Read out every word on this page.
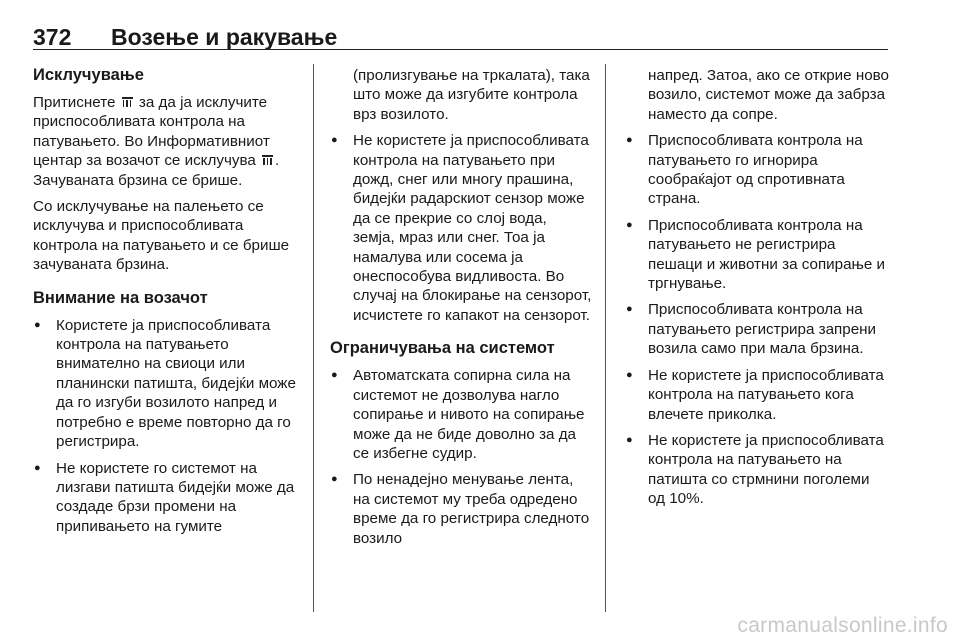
372 Возење и ракување
Исклучување

Притиснете
за да ја исклучите приспособливата контрола на патувањето. Во Информативниот центар за возачот се исклучува . Зачуваната брзина се брише.

Со исклучување на палењето се исклучува и приспособливата контрола на патувањето и се брише зачуваната брзина.

Внимание на возачот
● Користете ја приспособливата контрола на патувањето внимателно на свиоци или планински патишта, бидејќи може да го изгуби возилото напред и потребно е време повторно да го регистрира.
● Не користете го системот на лизгави патишта бидејќи може да создаде брзи промени на припивањето на гумите
(пролизгување на тркалата), така што може да изгубите контрола врз возилото.
● Не користете ја приспособливата контрола на патувањето при дожд, снег или многу прашина, бидејќи радарскиот сензор може да се прекрие со слој вода, земја, мраз или снег. Тоа ја намалува или сосема ја онеспособува видливоста. Во случај на блокирање на сензорот, исчистете го капакот на сензорот.
Ограничувања на системот
● Автоматската сопирна сила на системот не дозволува нагло сопирање и нивото на сопирање може да не биде доволно за да се избегне судир.
● По ненадејно менување лента, на системот му треба одредено време да го регистрира следното возило
напред. Затоа, ако се открие ново возило, системот може да забрза наместо да сопре.
● Приспособливата контрола на патувањето го игнорира сообраќајот од спротивната страна.
● Приспособливата контрола на патувањето не регистрира пешаци и животни за сопирање и тргнување.
● Приспособливата контрола на патувањето регистрира запрени возила само при мала брзина.
● Не користете ја приспособливата контрола на патувањето кога влечете приколка.
● Не користете ја приспособливата контрола на патувањето на патишта со стрмнини поголеми од 10%.
carmanualsonline.info
